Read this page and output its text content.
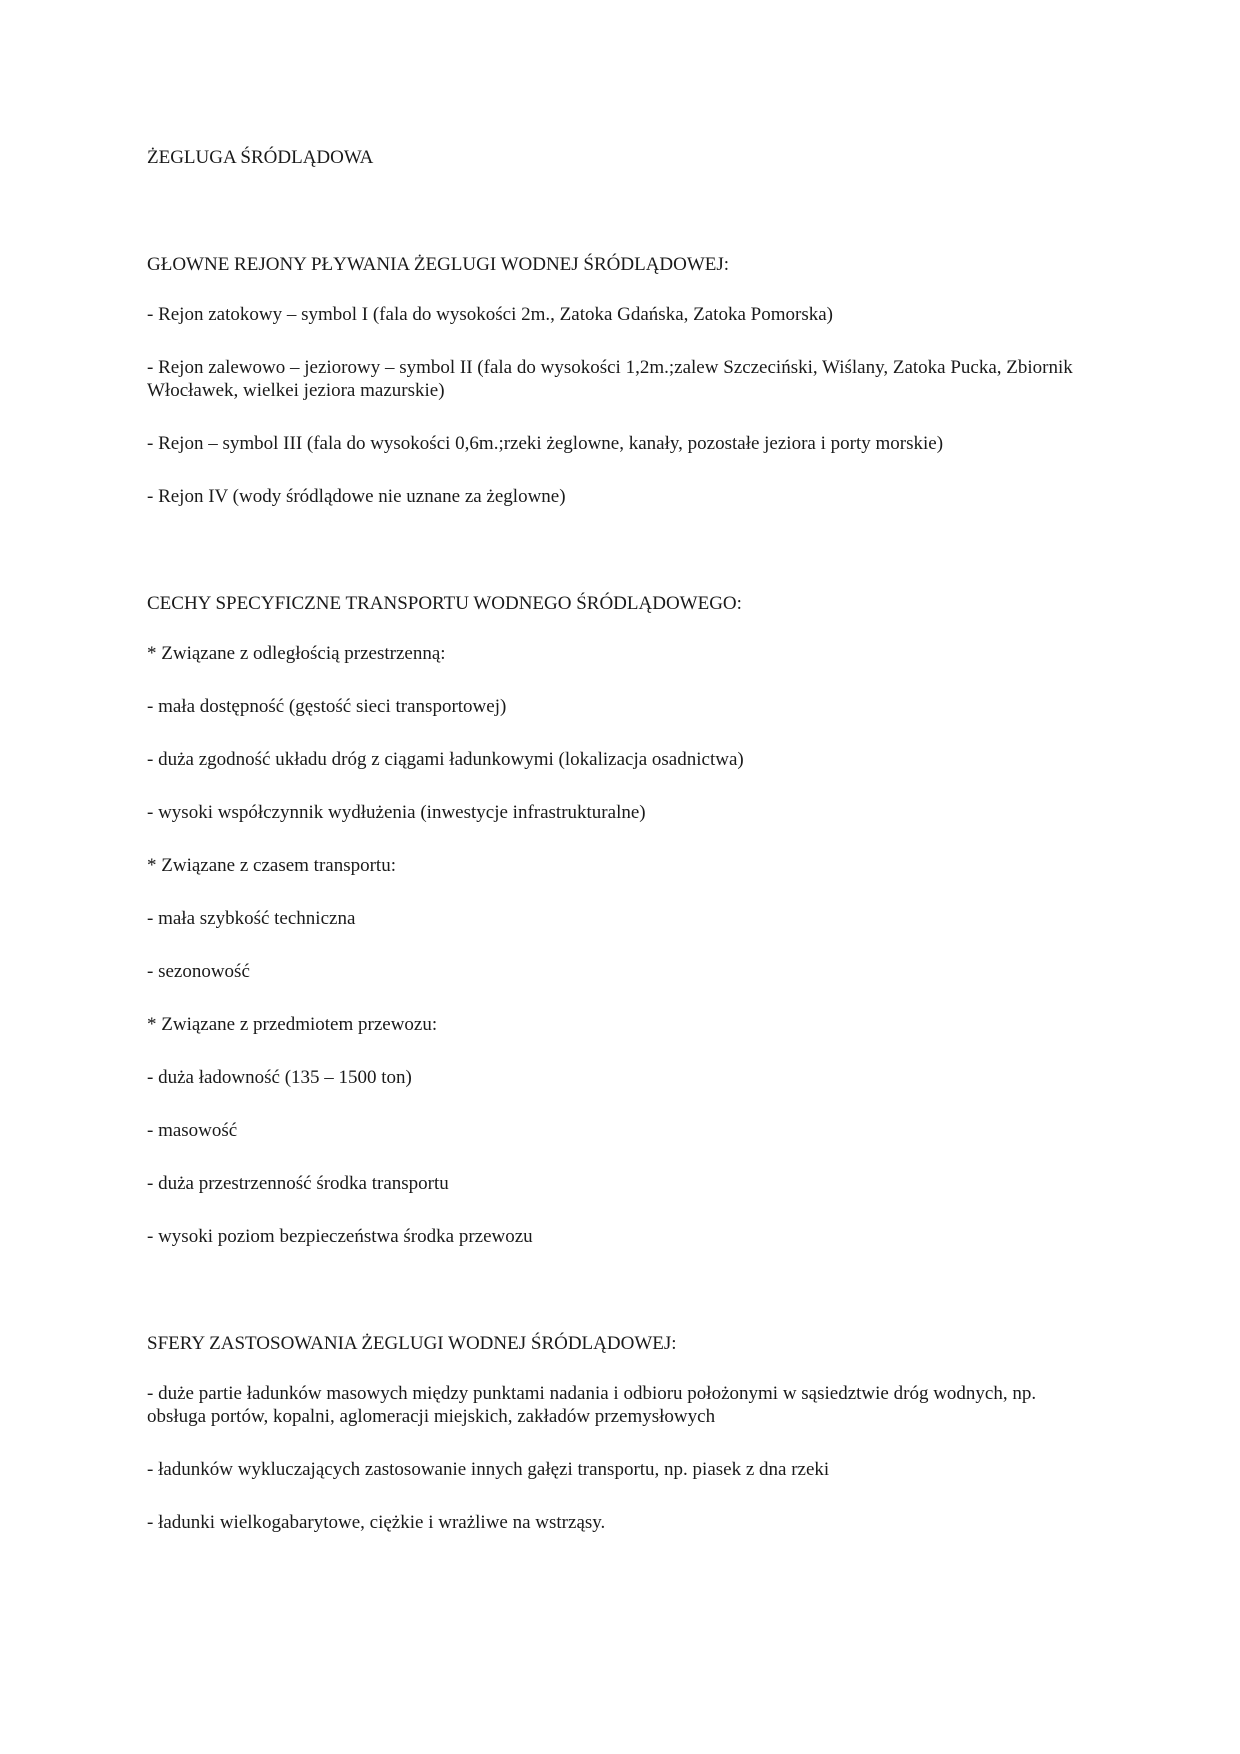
ŻEGLUGA ŚRÓDLĄDOWA
GŁOWNE REJONY PŁYWANIA ŻEGLUGI WODNEJ ŚRÓDLĄDOWEJ:

- Rejon zatokowy – symbol I (fala do wysokości 2m., Zatoka Gdańska, Zatoka Pomorska)

- Rejon zalewowo – jeziorowy – symbol II (fala do wysokości 1,2m.;zalew Szczeciński, Wiślany, Zatoka Pucka, Zbiornik Włocławek, wielkei jeziora mazurskie)

- Rejon – symbol III (fala do wysokości 0,6m.;rzeki żeglowne, kanały, pozostałe jeziora i porty morskie)

- Rejon IV (wody śródlądowe nie uznane za żeglowne)

CECHY SPECYFICZNE TRANSPORTU WODNEGO ŚRÓDLĄDOWEGO:

* Związane z odległością przestrzenną:

- mała dostępność (gęstość sieci transportowej)

- duża zgodność układu dróg z ciągami ładunkowymi (lokalizacja osadnictwa)

- wysoki współczynnik wydłużenia (inwestycje infrastrukturalne)

* Związane z czasem transportu:

- mała szybkość techniczna

- sezonowość

* Związane z przedmiotem przewozu:

- duża ładowność (135 – 1500 ton)

- masowość

- duża przestrzenność środka transportu

- wysoki poziom bezpieczeństwa środka przewozu

SFERY ZASTOSOWANIA ŻEGLUGI WODNEJ ŚRÓDLĄDOWEJ:

- duże partie ładunków masowych między punktami nadania i odbioru położonymi w sąsiedztwie dróg wodnych, np. obsługa portów, kopalni, aglomeracji miejskich, zakładów przemysłowych

- ładunków wykluczających zastosowanie innych gałęzi transportu, np. piasek z dna rzeki

- ładunki wielkogabarytowe, ciężkie i wrażliwe na wstrząsy.
